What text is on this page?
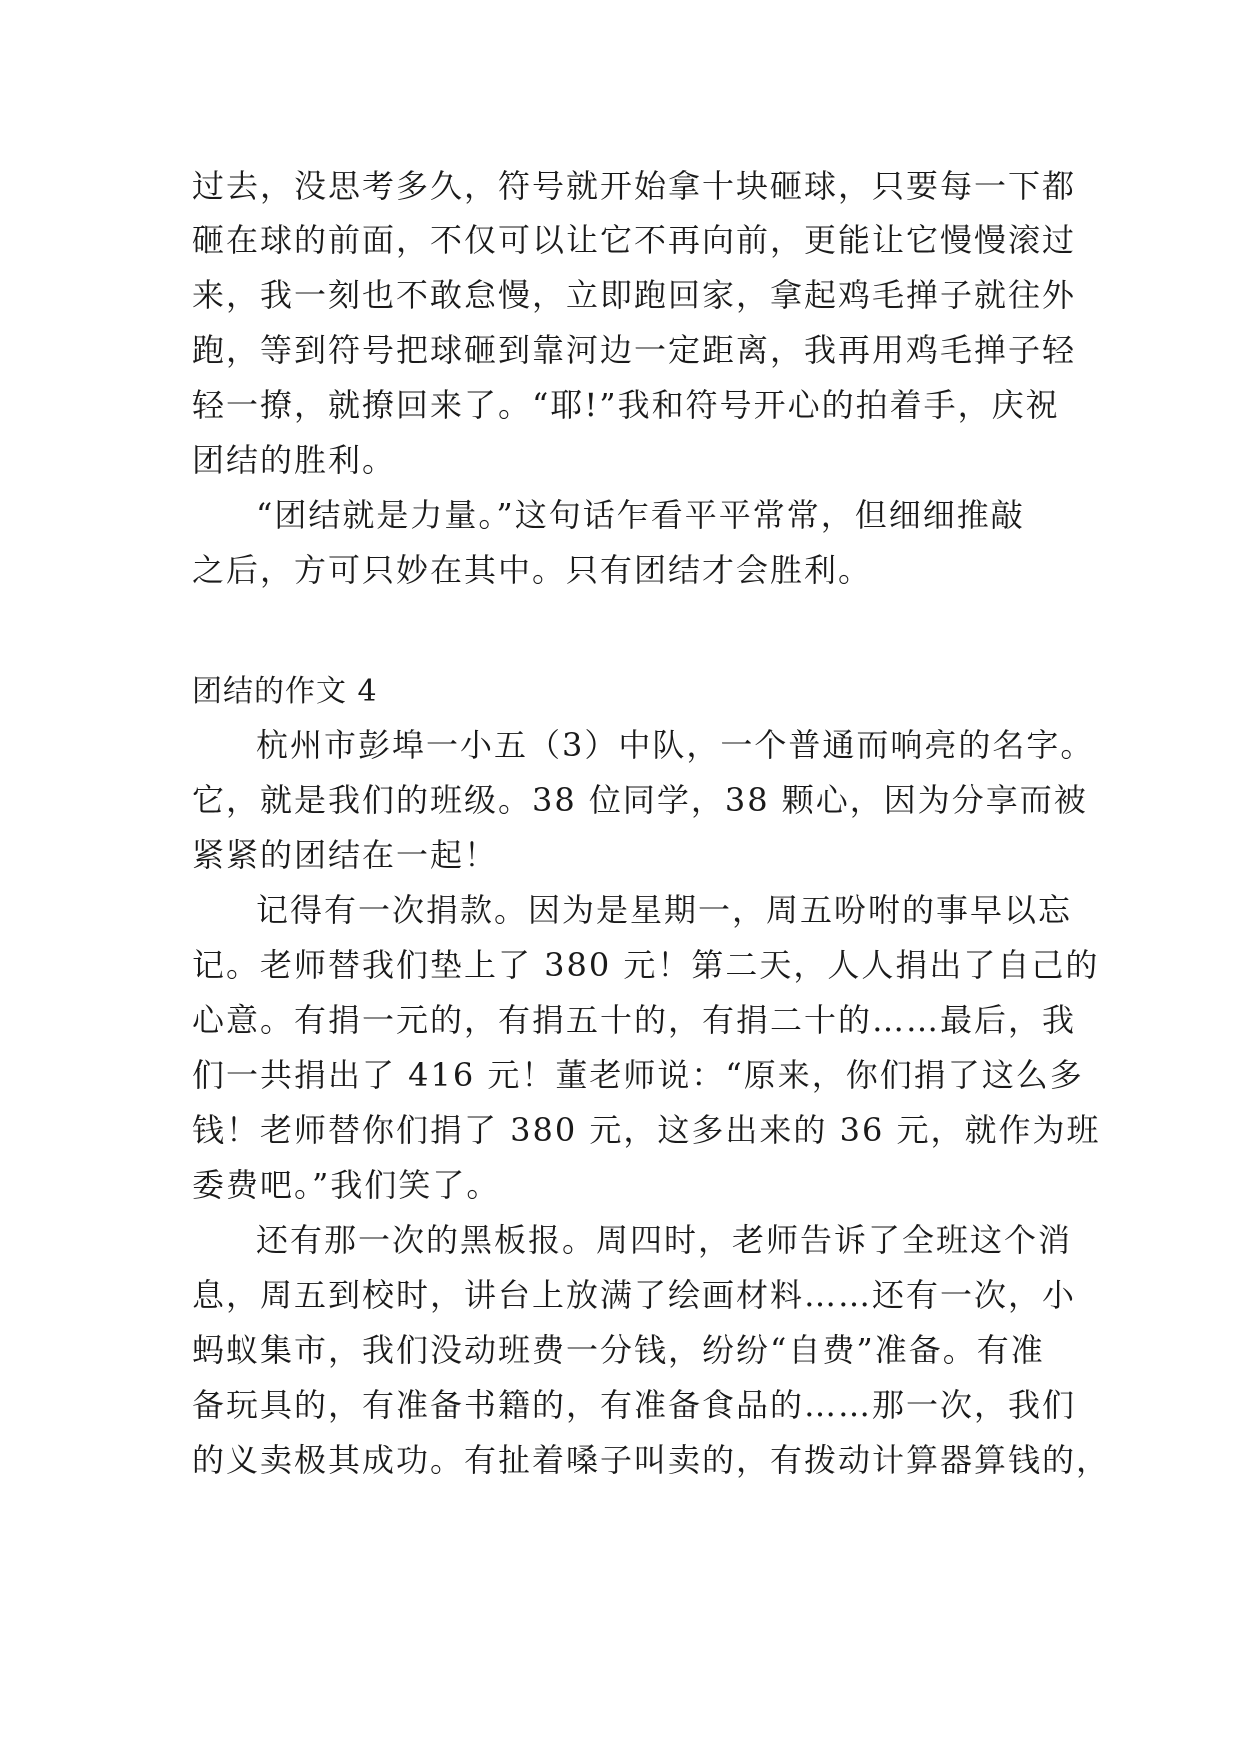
过去，没思考多久，符号就开始拿十块砸球，只要每一下都
砸在球的前面，不仅可以让它不再向前，更能让它慢慢滚过
来，我一刻也不敢怠慢，立即跑回家，拿起鸡毛掸子就往外
跑，等到符号把球砸到靠河边一定距离，我再用鸡毛掸子轻
轻一撩，就撩回来了。“耶!”我和符号开心的拍着手，庆祝
团结的胜利。
“团结就是力量。”这句话乍看平平常常，但细细推敲
之后，方可只妙在其中。只有团结才会胜利。
团结的作文 4
杭州市彭埠一小五（3）中队，一个普通而响亮的名字。
它，就是我们的班级。38 位同学，38 颗心，因为分享而被
紧紧的团结在一起！
记得有一次捐款。因为是星期一，周五吩咐的事早以忘
记。老师替我们垫上了 380 元！第二天，人人捐出了自己的
心意。有捐一元的，有捐五十的，有捐二十的……最后，我
们一共捐出了 416 元！董老师说：“原来，你们捐了这么多
钱！老师替你们捐了 380 元，这多出来的 36 元，就作为班
委费吧。”我们笑了。
还有那一次的黑板报。周四时，老师告诉了全班这个消
息，周五到校时，讲台上放满了绘画材料……还有一次，小
蚂蚁集市，我们没动班费一分钱，纷纷“自费”准备。有准
备玩具的，有准备书籍的，有准备食品的……那一次，我们
的义卖极其成功。有扯着嗓子叫卖的，有拨动计算器算钱的，
